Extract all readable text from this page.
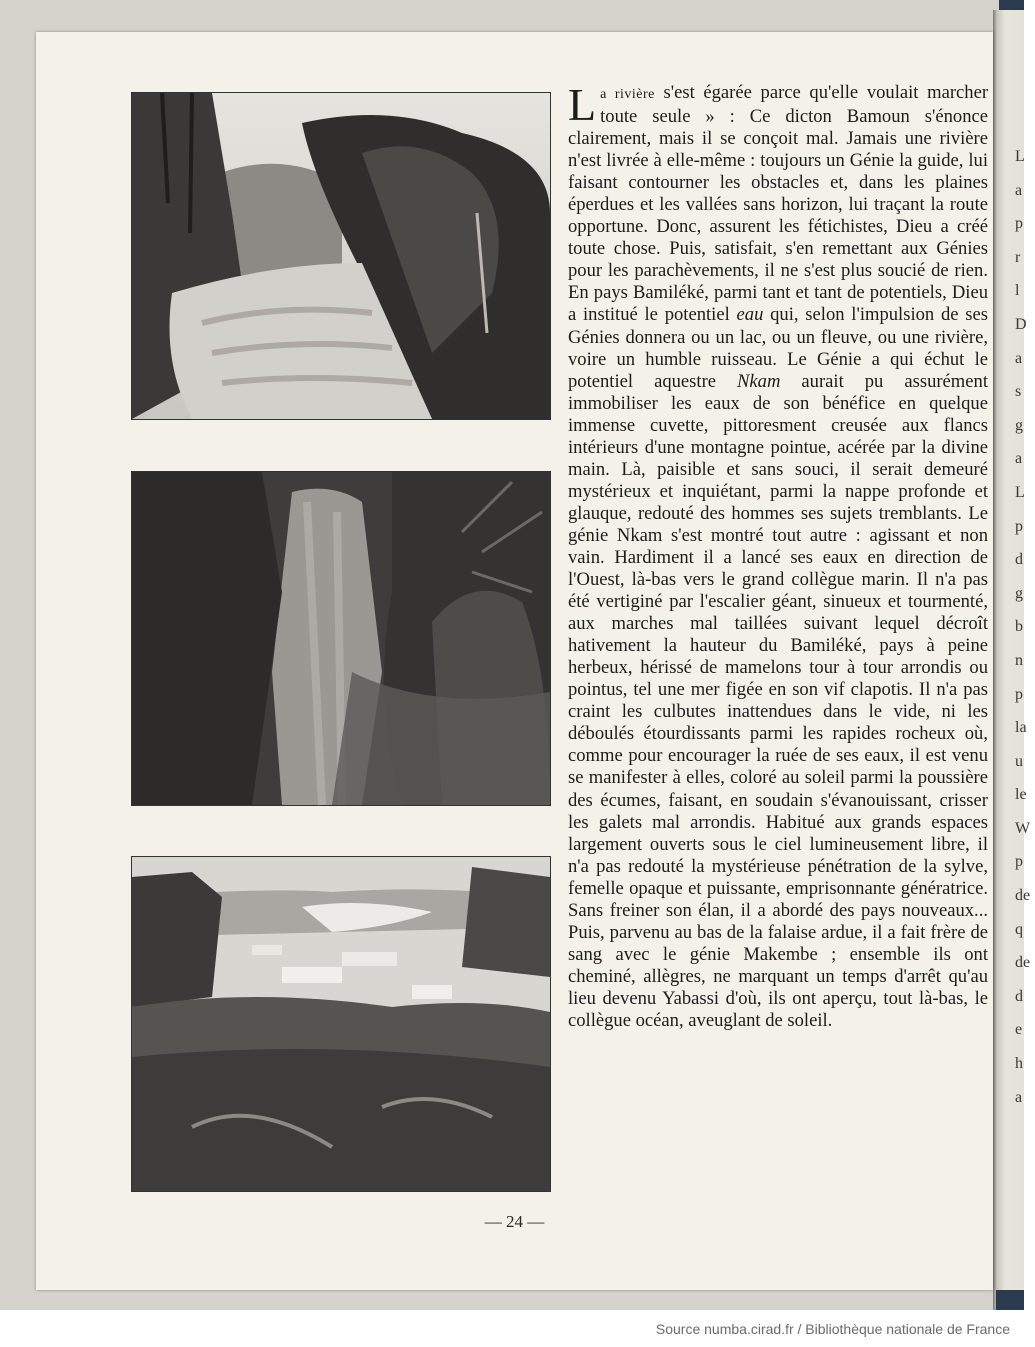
L
a
p
r
l
D
a
s
g
a
L
p
d
g
b
n
p
la
u
le
W
p
de
q
de
d
e
h
a

La rivière s'est égarée parce qu'elle voulait marcher toute seule » : Ce dicton Bamoun s'énonce clairement, mais il se conçoit mal. Jamais une rivière n'est livrée à elle-même : toujours un Génie la guide, lui faisant contourner les obstacles et, dans les plaines éperdues et les vallées sans horizon, lui traçant la route opportune. Donc, assurent les fétichistes, Dieu a créé toute chose. Puis, satisfait, s'en remettant aux Génies pour les parachèvements, il ne s'est plus soucié de rien. En pays Bamiléké, parmi tant et tant de potentiels, Dieu a institué le potentiel eau qui, selon l'impulsion de ses Génies donnera ou un lac, ou un fleuve, ou une rivière, voire un humble ruisseau. Le Génie a qui échut le potentiel aquestre Nkam aurait pu assurément immobiliser les eaux de son bénéfice en quelque immense cuvette, pittoresment creusée aux flancs intérieurs d'une montagne pointue, acérée par la divine main. Là, paisible et sans souci, il serait demeuré mystérieux et inquiétant, parmi la nappe profonde et glauque, redouté des hommes ses sujets tremblants. Le génie Nkam s'est montré tout autre : agissant et non vain. Hardiment il a lancé ses eaux en direction de l'Ouest, là-bas vers le grand collègue marin. Il n'a pas été vertiginé par l'escalier géant, sinueux et tourmenté, aux marches mal taillées suivant lequel décroît hativement la hauteur du Bamiléké, pays à peine herbeux, hérissé de mamelons tour à tour arrondis ou pointus, tel une mer figée en son vif clapotis. Il n'a pas craint les culbutes inattendues dans le vide, ni les déboulés étourdissants parmi les rapides rocheux où, comme pour encourager la ruée de ses eaux, il est venu se manifester à elles, coloré au soleil parmi la poussière des écumes, faisant, en soudain s'évanouissant, crisser les galets mal arrondis. Habitué aux grands espaces largement ouverts sous le ciel lumineusement libre, il n'a pas redouté la mystérieuse pénétration de la sylve, femelle opaque et puissante, emprisonnante génératrice. Sans freiner son élan, il a abordé des pays nouveaux... Puis, parvenu au bas de la falaise ardue, il a fait frère de sang avec le génie Makembe ; ensemble ils ont cheminé, allègres, ne marquant un temps d'arrêt qu'au lieu devenu Yabassi d'où, ils ont aperçu, tout là-bas, le collègue océan, aveuglant de soleil.

— 24 —
Source numba.cirad.fr / Bibliothèque nationale de France
